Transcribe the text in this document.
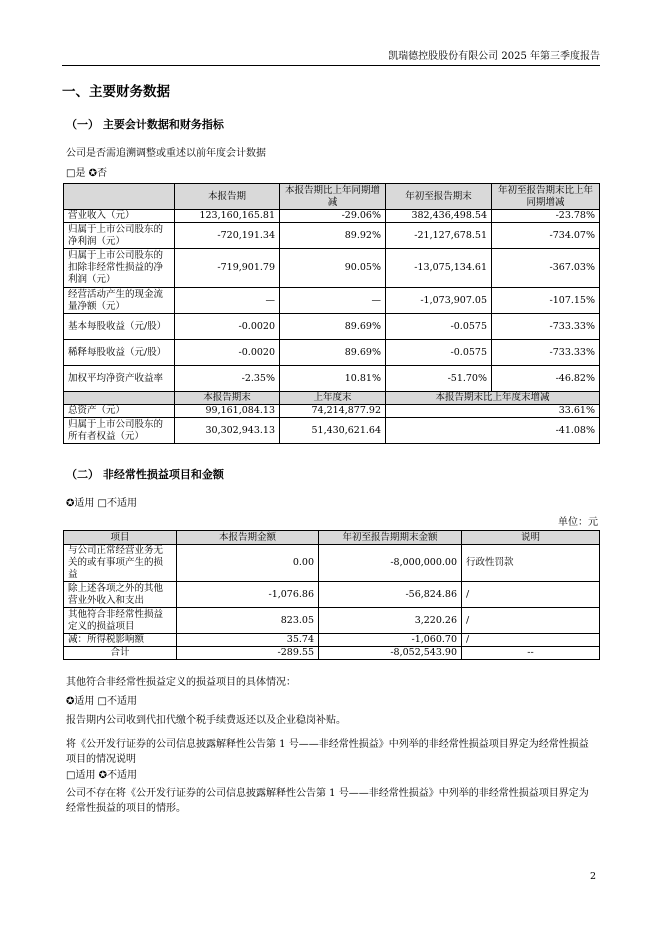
凯瑞德控股股份有限公司 2025 年第三季度报告
一、主要财务数据
（一） 主要会计数据和财务指标
公司是否需追溯调整或重述以前年度会计数据
□是 ✪否
	本报告期	本报告期比上年同期增减	年初至报告期末	年初至报告期末比上年同期增减
营业收入（元）	123,160,165.81	-29.06%	382,436,498.54	-23.78%
归属于上市公司股东的净利润（元）	-720,191.34	89.92%	-21,127,678.51	-734.07%
归属于上市公司股东的扣除非经常性损益的净利润（元）	-719,901.79	90.05%	-13,075,134.61	-367.03%
经营活动产生的现金流量净额（元）	—	—	-1,073,907.05	-107.15%
基本每股收益（元/股）	-0.0020	89.69%	-0.0575	-733.33%
稀释每股收益（元/股）	-0.0020	89.69%	-0.0575	-733.33%
加权平均净资产收益率	-2.35%	10.81%	-51.70%	-46.82%
	本报告期末	上年度末	本报告期末比上年度末增减	
总资产（元）	99,161,084.13	74,214,877.92	33.61%	
归属于上市公司股东的所有者权益（元）	30,302,943.13	51,430,621.64	-41.08%	
（二） 非经常性损益项目和金额
✪适用 □不适用
单位：元
项目	本报告期金额	年初至报告期期末金额	说明
与公司正常经营业务无关的或有事项产生的损益	0.00	-8,000,000.00	行政性罚款
除上述各项之外的其他营业外收入和支出	-1,076.86	-56,824.86	/
其他符合非经常性损益定义的损益项目	823.05	3,220.26	/
减：所得税影响额	35.74	-1,060.70	/
合计	-289.55	-8,052,543.90	--
其他符合非经常性损益定义的损益项目的具体情况：
✪适用 □不适用
报告期内公司收到代扣代缴个税手续费返还以及企业稳岗补贴。
将《公开发行证券的公司信息披露解释性公告第 1 号——非经常性损益》中列举的非经常性损益项目界定为经常性损益项目的情况说明
□适用 ✪不适用
公司不存在将《公开发行证券的公司信息披露解释性公告第 1 号——非经常性损益》中列举的非经常性损益项目界定为经常性损益的项目的情形。
2
